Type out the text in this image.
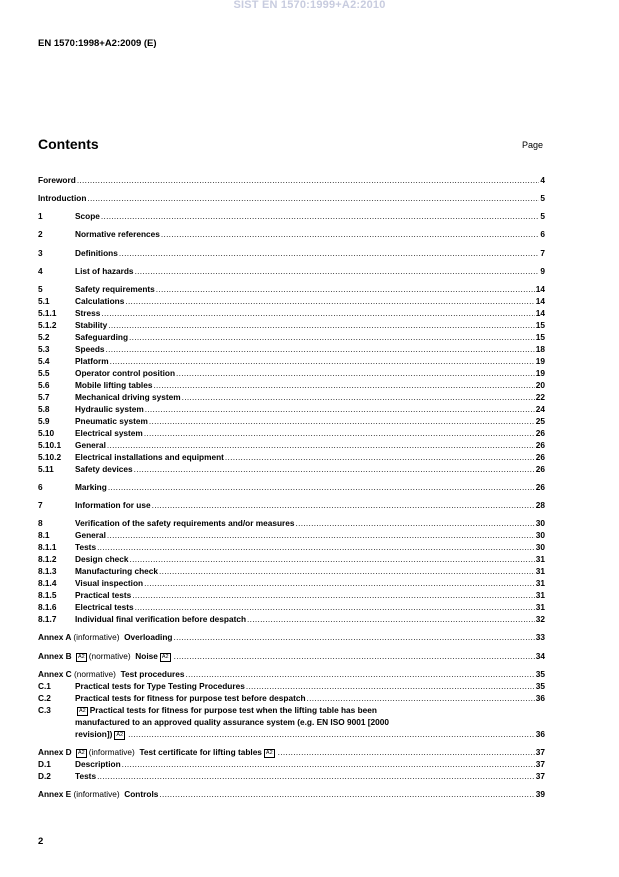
SIST EN 1570:1999+A2:2010
EN 1570:1998+A2:2009 (E)
Contents	Page
Foreword .....	4
Introduction .....	5
1	Scope .....	5
2	Normative references .....	6
3	Definitions .....	7
4	List of hazards .....	9
5	Safety requirements .....	14
5.1	Calculations .....	14
5.1.1	Stress .....	14
5.1.2	Stability .....	15
5.2	Safeguarding .....	15
5.3	Speeds .....	18
5.4	Platform .....	19
5.5	Operator control position .....	19
5.6	Mobile lifting tables .....	20
5.7	Mechanical driving system .....	22
5.8	Hydraulic system .....	24
5.9	Pneumatic system .....	25
5.10	Electrical system .....	26
5.10.1	General .....	26
5.10.2	Electrical installations and equipment .....	26
5.11	Safety devices .....	26
6	Marking .....	26
7	Information for use .....	28
8	Verification of the safety requirements and/or measures .....	30
8.1	General .....	30
8.1.1	Tests .....	30
8.1.2	Design check .....	31
8.1.3	Manufacturing check .....	31
8.1.4	Visual inspection .....	31
8.1.5	Practical tests .....	31
8.1.6	Electrical tests .....	31
8.1.7	Individual final verification before despatch .....	32
Annex A (informative) Overloading .....	33
Annex B A2 (normative) Noise A2 .....	34
Annex C (normative) Test procedures .....	35
C.1	Practical tests for Type Testing Procedures .....	35
C.2	Practical tests for fitness for purpose test before despatch .....	36
C.3	A2 Practical tests for fitness for purpose test when the lifting table has been
manufactured to an approved quality assurance system (e.g. EN ISO 9001 [2000
revision]) A2 .....	36
Annex D A2 (informative) Test certificate for lifting tables A2 .....	37
D.1	Description .....	37
D.2	Tests .....	37
Annex E (informative) Controls .....	39
2
